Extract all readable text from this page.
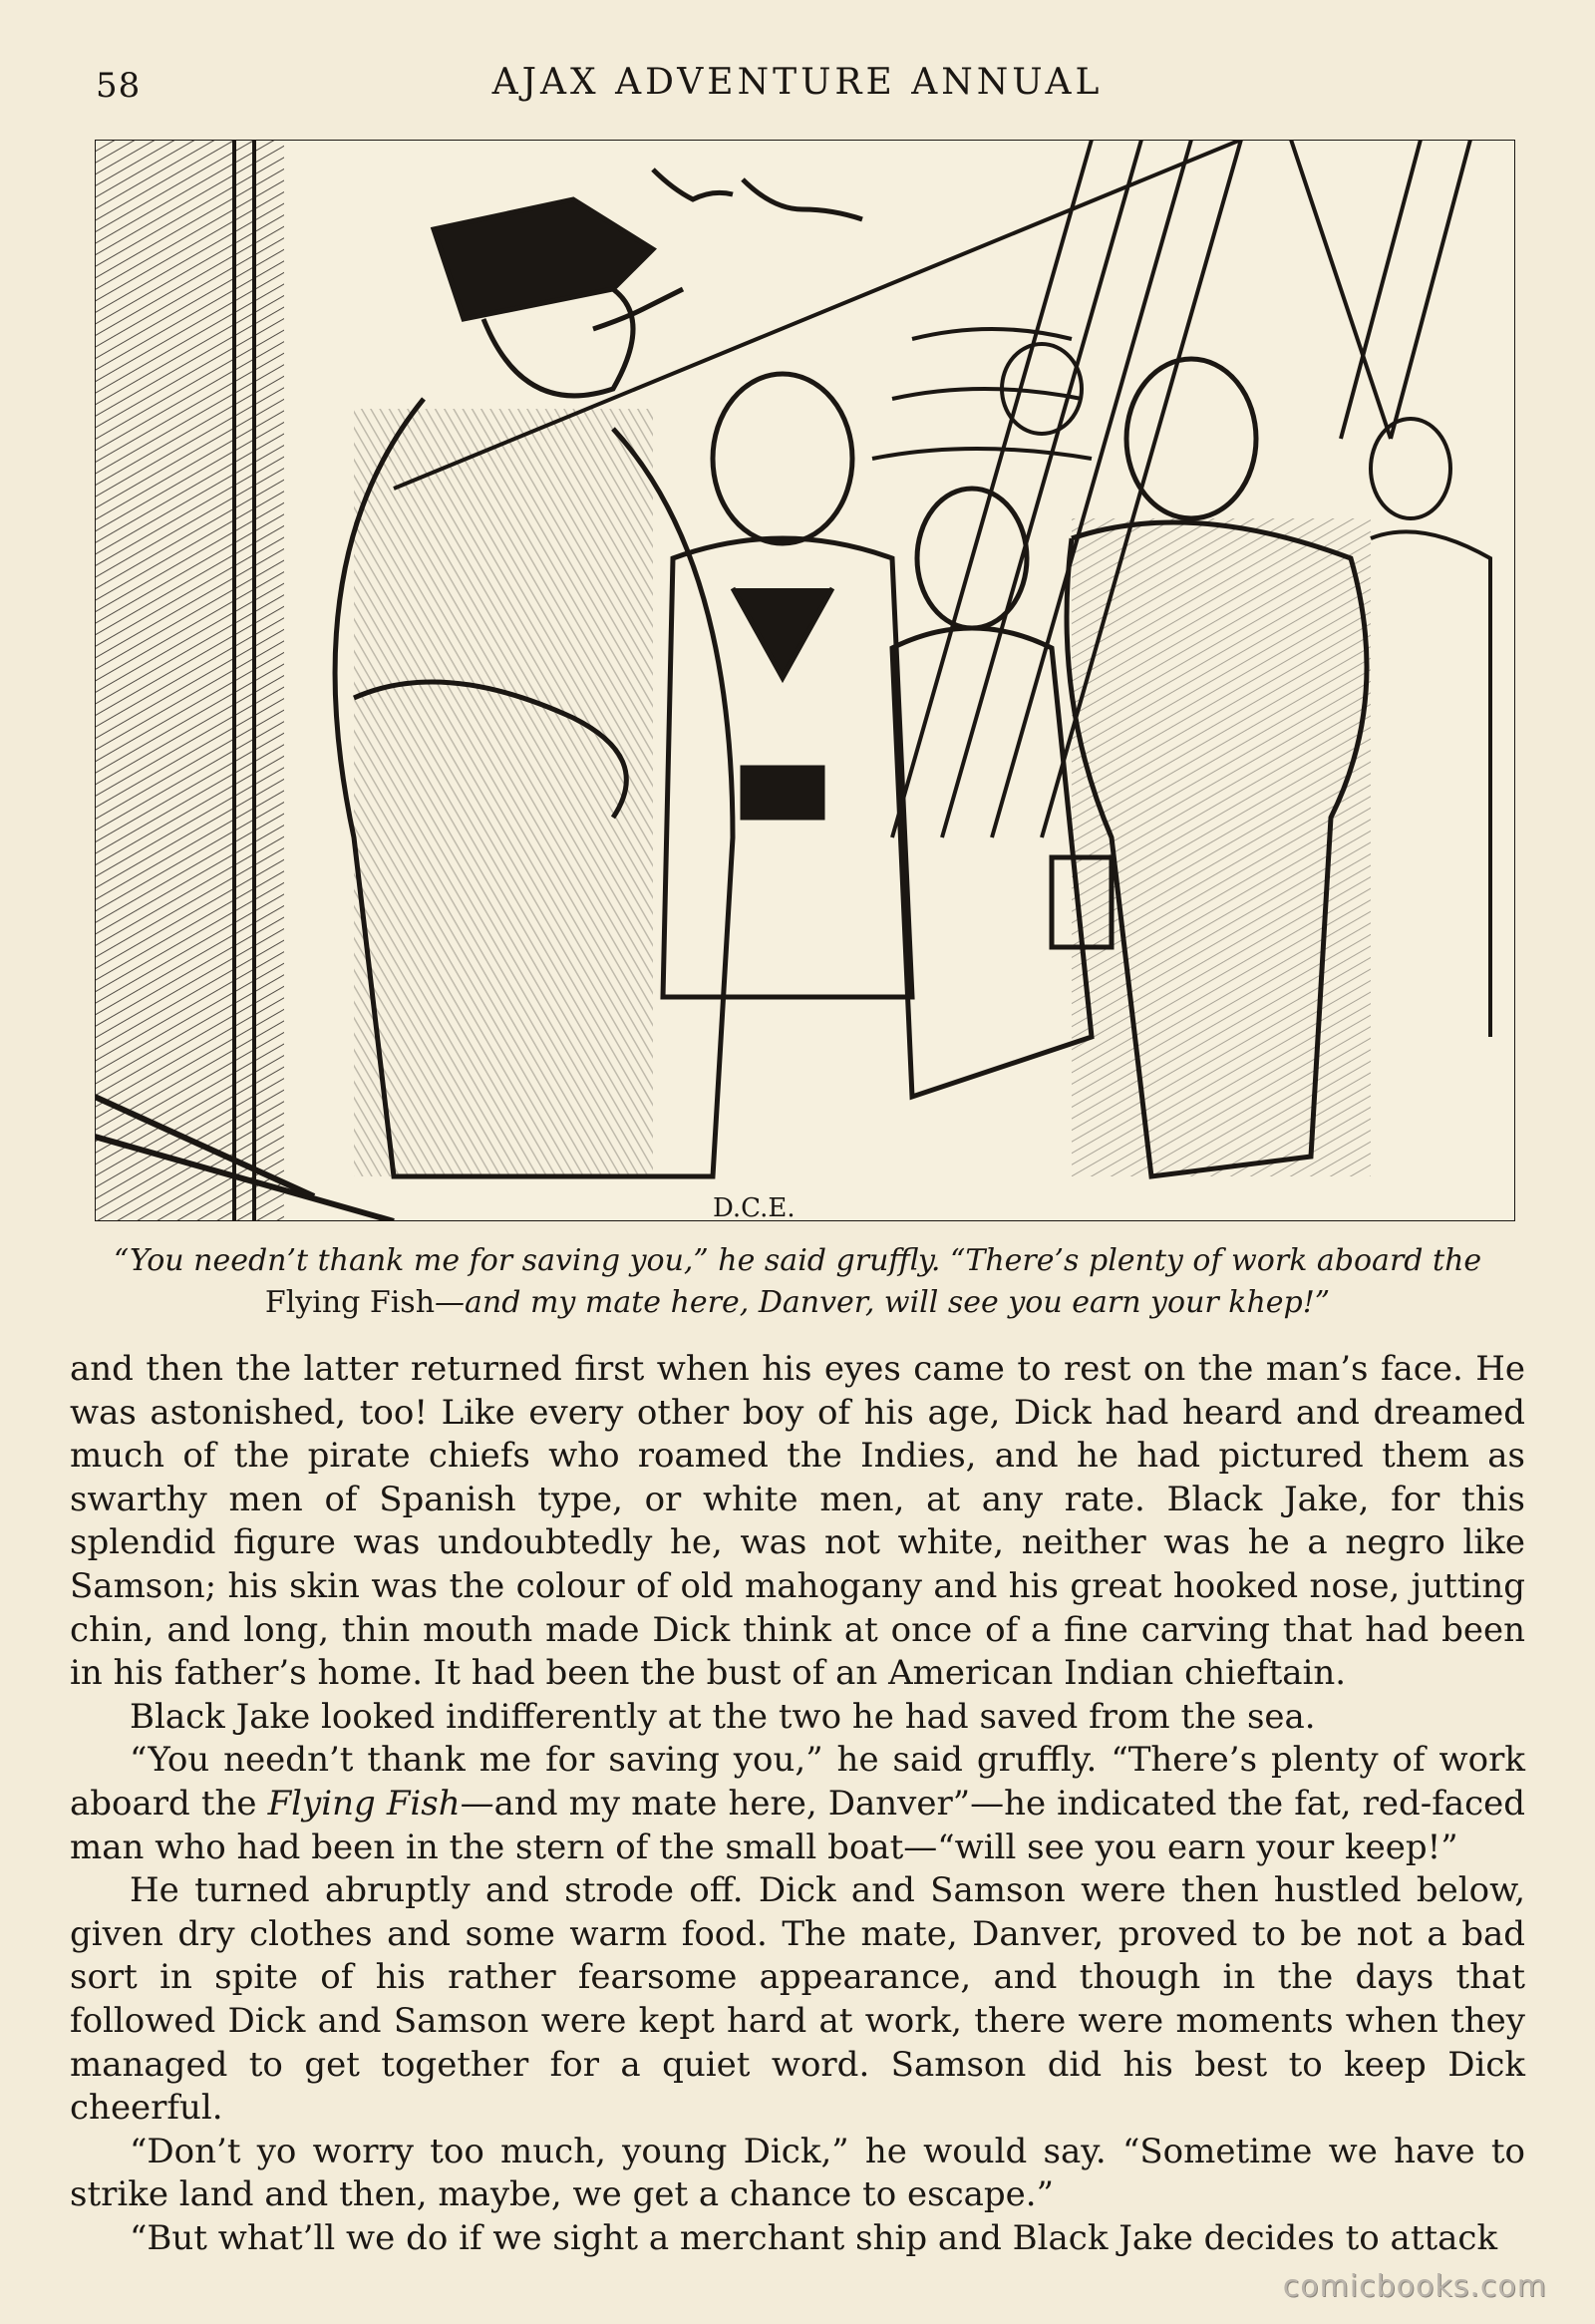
58	AJAX ADVENTURE ANNUAL
D.C.E.
“You needn’t thank me for saving you,” he said gruffly. “There’s plenty of work aboard the
Flying Fish—and my mate here, Danver, will see you earn your khep!”

and then the latter returned first when his eyes came to rest on the man’s face. He was astonished, too! Like every other boy of his age, Dick had heard and dreamed much of the pirate chiefs who roamed the Indies, and he had pictured them as swarthy men of Spanish type, or white men, at any rate. Black Jake, for this splendid figure was undoubtedly he, was not white, neither was he a negro like Samson; his skin was the colour of old mahogany and his great hooked nose, jutting chin, and long, thin mouth made Dick think at once of a fine carving that had been in his father’s home. It had been the bust of an American Indian chieftain.

Black Jake looked indifferently at the two he had saved from the sea.

“You needn’t thank me for saving you,” he said gruffly. “There’s plenty of work aboard the Flying Fish—and my mate here, Danver”—he indicated the fat, red-faced man who had been in the stern of the small boat—“will see you earn your keep!”

He turned abruptly and strode off. Dick and Samson were then hustled below, given dry clothes and some warm food. The mate, Danver, proved to be not a bad sort in spite of his rather fearsome appearance, and though in the days that followed Dick and Samson were kept hard at work, there were moments when they managed to get together for a quiet word. Samson did his best to keep Dick cheerful.

“Don’t yo worry too much, young Dick,” he would say. “Sometime we have to strike land and then, maybe, we get a chance to escape.”

“But what’ll we do if we sight a merchant ship and Black Jake decides to attack

comicbooks.com
